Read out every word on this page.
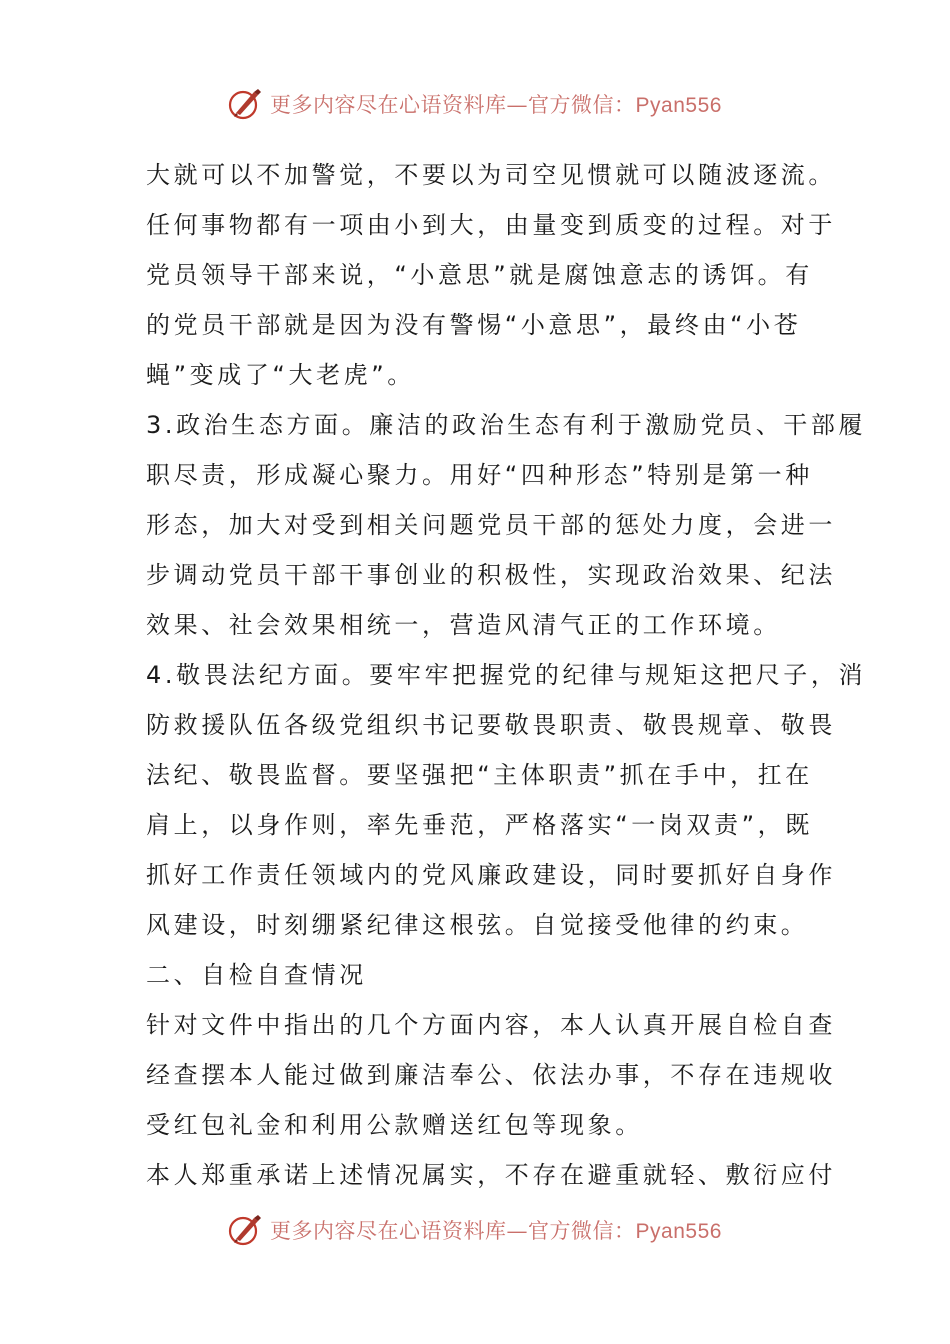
更多内容尽在心语资料库—官方微信：Pyan556
大就可以不加警觉，不要以为司空见惯就可以随波逐流。
任何事物都有一项由小到大，由量变到质变的过程。对于
党员领导干部来说，“小意思”就是腐蚀意志的诱饵。有
的党员干部就是因为没有警惕“小意思”，最终由“小苍
蝇”变成了“大老虎”。
3.政治生态方面。廉洁的政治生态有利于激励党员、干部履
职尽责，形成凝心聚力。用好“四种形态”特别是第一种
形态，加大对受到相关问题党员干部的惩处力度，会进一
步调动党员干部干事创业的积极性，实现政治效果、纪法
效果、社会效果相统一，营造风清气正的工作环境。
4.敬畏法纪方面。要牢牢把握党的纪律与规矩这把尺子，消
防救援队伍各级党组织书记要敬畏职责、敬畏规章、敬畏
法纪、敬畏监督。要坚强把“主体职责”抓在手中，扛在
肩上，以身作则，率先垂范，严格落实“一岗双责”，既
抓好工作责任领域内的党风廉政建设，同时要抓好自身作
风建设，时刻绷紧纪律这根弦。自觉接受他律的约束。
二、自检自查情况
针对文件中指出的几个方面内容，本人认真开展自检自查
经查摆本人能过做到廉洁奉公、依法办事，不存在违规收
受红包礼金和利用公款赠送红包等现象。
本人郑重承诺上述情况属实，不存在避重就轻、敷衍应付
更多内容尽在心语资料库—官方微信：Pyan556
